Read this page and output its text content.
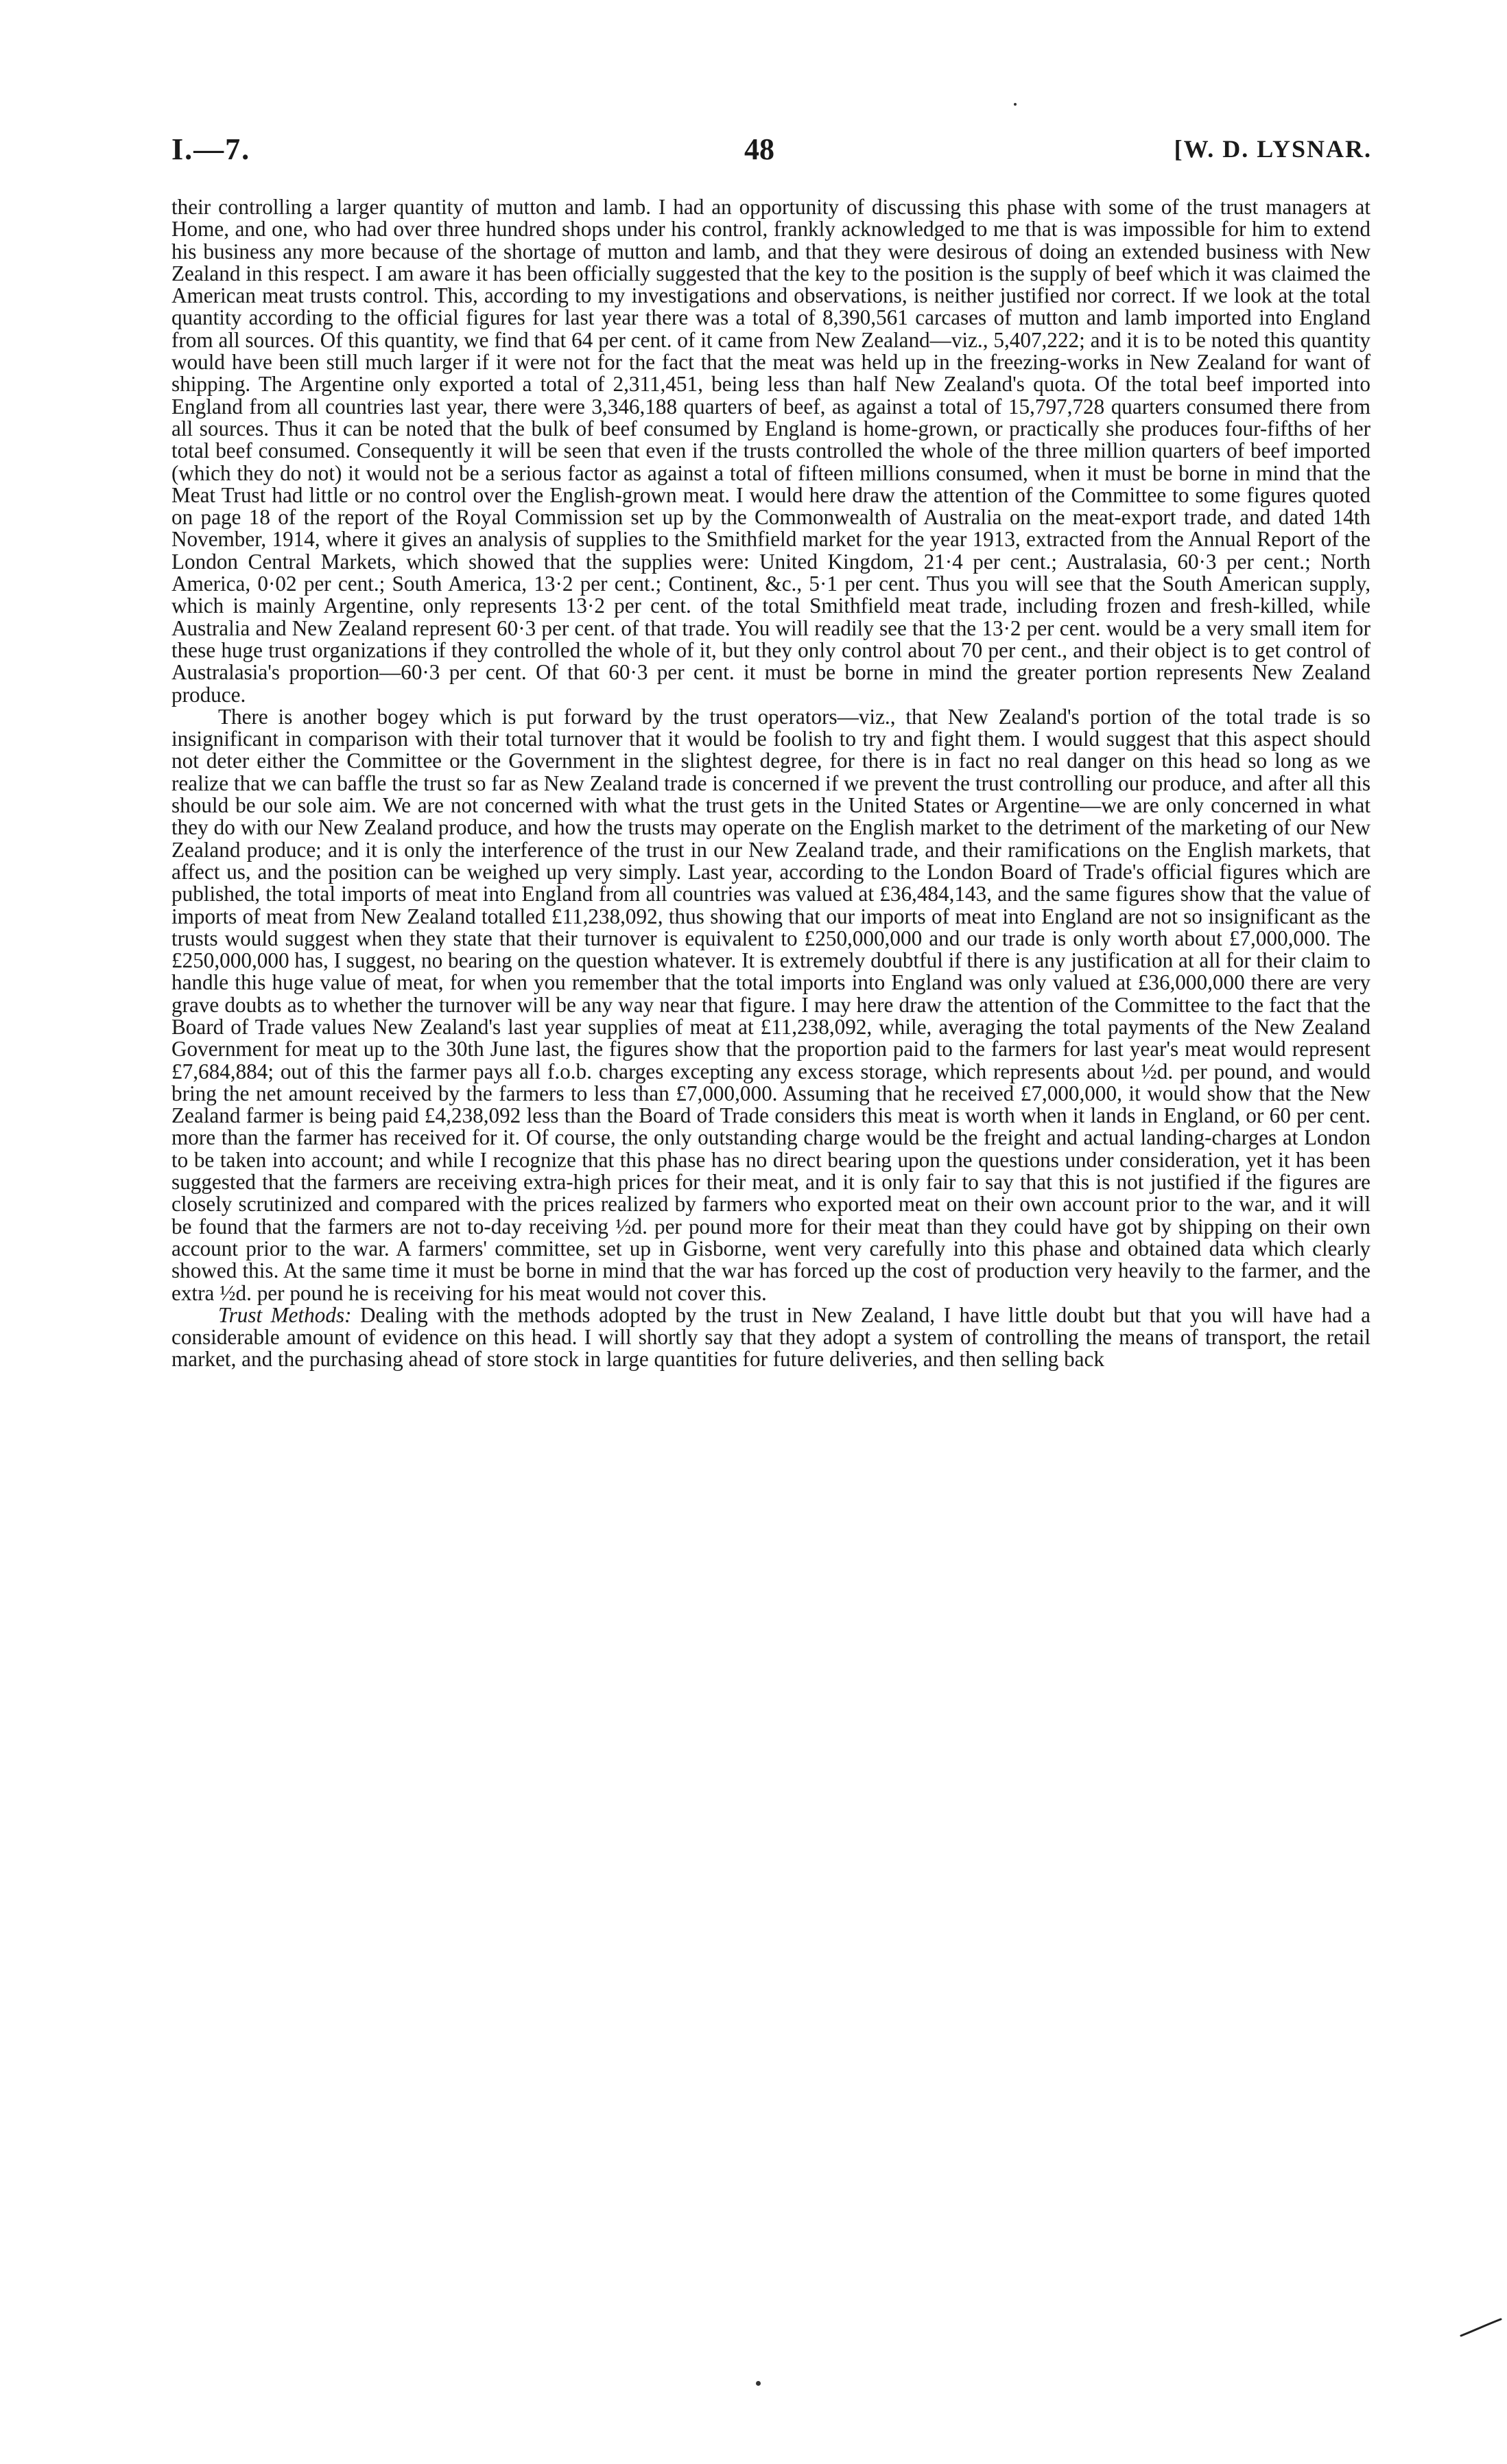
I.—7.	48	[W. D. LYSNAR.

their controlling a larger quantity of mutton and lamb. I had an opportunity of discussing this phase with some of the trust managers at Home, and one, who had over three hundred shops under his control, frankly acknowledged to me that is was impossible for him to extend his business any more because of the shortage of mutton and lamb, and that they were desirous of doing an extended business with New Zealand in this respect. I am aware it has been officially suggested that the key to the position is the supply of beef which it was claimed the American meat trusts control. This, according to my investigations and observations, is neither justified nor correct. If we look at the total quantity according to the official figures for last year there was a total of 8,390,561 carcases of mutton and lamb imported into England from all sources. Of this quantity, we find that 64 per cent. of it came from New Zealand—viz., 5,407,222; and it is to be noted this quantity would have been still much larger if it were not for the fact that the meat was held up in the freezing-works in New Zealand for want of shipping. The Argentine only exported a total of 2,311,451, being less than half New Zealand's quota. Of the total beef imported into England from all countries last year, there were 3,346,188 quarters of beef, as against a total of 15,797,728 quarters consumed there from all sources. Thus it can be noted that the bulk of beef consumed by England is home-grown, or practically she produces four-fifths of her total beef consumed. Consequently it will be seen that even if the trusts controlled the whole of the three million quarters of beef imported (which they do not) it would not be a serious factor as against a total of fifteen millions consumed, when it must be borne in mind that the Meat Trust had little or no control over the English-grown meat. I would here draw the attention of the Committee to some figures quoted on page 18 of the report of the Royal Commission set up by the Commonwealth of Australia on the meat-export trade, and dated 14th November, 1914, where it gives an analysis of supplies to the Smithfield market for the year 1913, extracted from the Annual Report of the London Central Markets, which showed that the supplies were: United Kingdom, 21·4 per cent.; Australasia, 60·3 per cent.; North America, 0·02 per cent.; South America, 13·2 per cent.; Continent, &c., 5·1 per cent. Thus you will see that the South American supply, which is mainly Argentine, only represents 13·2 per cent. of the total Smithfield meat trade, including frozen and fresh-killed, while Australia and New Zealand represent 60·3 per cent. of that trade. You will readily see that the 13·2 per cent. would be a very small item for these huge trust organizations if they controlled the whole of it, but they only control about 70 per cent., and their object is to get control of Australasia's proportion—60·3 per cent. Of that 60·3 per cent. it must be borne in mind the greater portion represents New Zealand produce.

There is another bogey which is put forward by the trust operators—viz., that New Zealand's portion of the total trade is so insignificant in comparison with their total turnover that it would be foolish to try and fight them. I would suggest that this aspect should not deter either the Committee or the Government in the slightest degree, for there is in fact no real danger on this head so long as we realize that we can baffle the trust so far as New Zealand trade is concerned if we prevent the trust controlling our produce, and after all this should be our sole aim. We are not concerned with what the trust gets in the United States or Argentine—we are only concerned in what they do with our New Zealand produce, and how the trusts may operate on the English market to the detriment of the marketing of our New Zealand produce; and it is only the interference of the trust in our New Zealand trade, and their ramifications on the English markets, that affect us, and the position can be weighed up very simply. Last year, according to the London Board of Trade's official figures which are published, the total imports of meat into England from all countries was valued at £36,484,143, and the same figures show that the value of imports of meat from New Zealand totalled £11,238,092, thus showing that our imports of meat into England are not so insignificant as the trusts would suggest when they state that their turnover is equivalent to £250,000,000 and our trade is only worth about £7,000,000. The £250,000,000 has, I suggest, no bearing on the question whatever. It is extremely doubtful if there is any justification at all for their claim to handle this huge value of meat, for when you remember that the total imports into England was only valued at £36,000,000 there are very grave doubts as to whether the turnover will be any way near that figure. I may here draw the attention of the Committee to the fact that the Board of Trade values New Zealand's last year supplies of meat at £11,238,092, while, averaging the total payments of the New Zealand Government for meat up to the 30th June last, the figures show that the proportion paid to the farmers for last year's meat would represent £7,684,884; out of this the farmer pays all f.o.b. charges excepting any excess storage, which represents about ½d. per pound, and would bring the net amount received by the farmers to less than £7,000,000. Assuming that he received £7,000,000, it would show that the New Zealand farmer is being paid £4,238,092 less than the Board of Trade considers this meat is worth when it lands in England, or 60 per cent. more than the farmer has received for it. Of course, the only outstanding charge would be the freight and actual landing-charges at London to be taken into account; and while I recognize that this phase has no direct bearing upon the questions under consideration, yet it has been suggested that the farmers are receiving extra-high prices for their meat, and it is only fair to say that this is not justified if the figures are closely scrutinized and compared with the prices realized by farmers who exported meat on their own account prior to the war, and it will be found that the farmers are not to-day receiving ½d. per pound more for their meat than they could have got by shipping on their own account prior to the war. A farmers' committee, set up in Gisborne, went very carefully into this phase and obtained data which clearly showed this. At the same time it must be borne in mind that the war has forced up the cost of production very heavily to the farmer, and the extra ½d. per pound he is receiving for his meat would not cover this.

Trust Methods: Dealing with the methods adopted by the trust in New Zealand, I have little doubt but that you will have had a considerable amount of evidence on this head. I will shortly say that they adopt a system of controlling the means of transport, the retail market, and the purchasing ahead of store stock in large quantities for future deliveries, and then selling back
